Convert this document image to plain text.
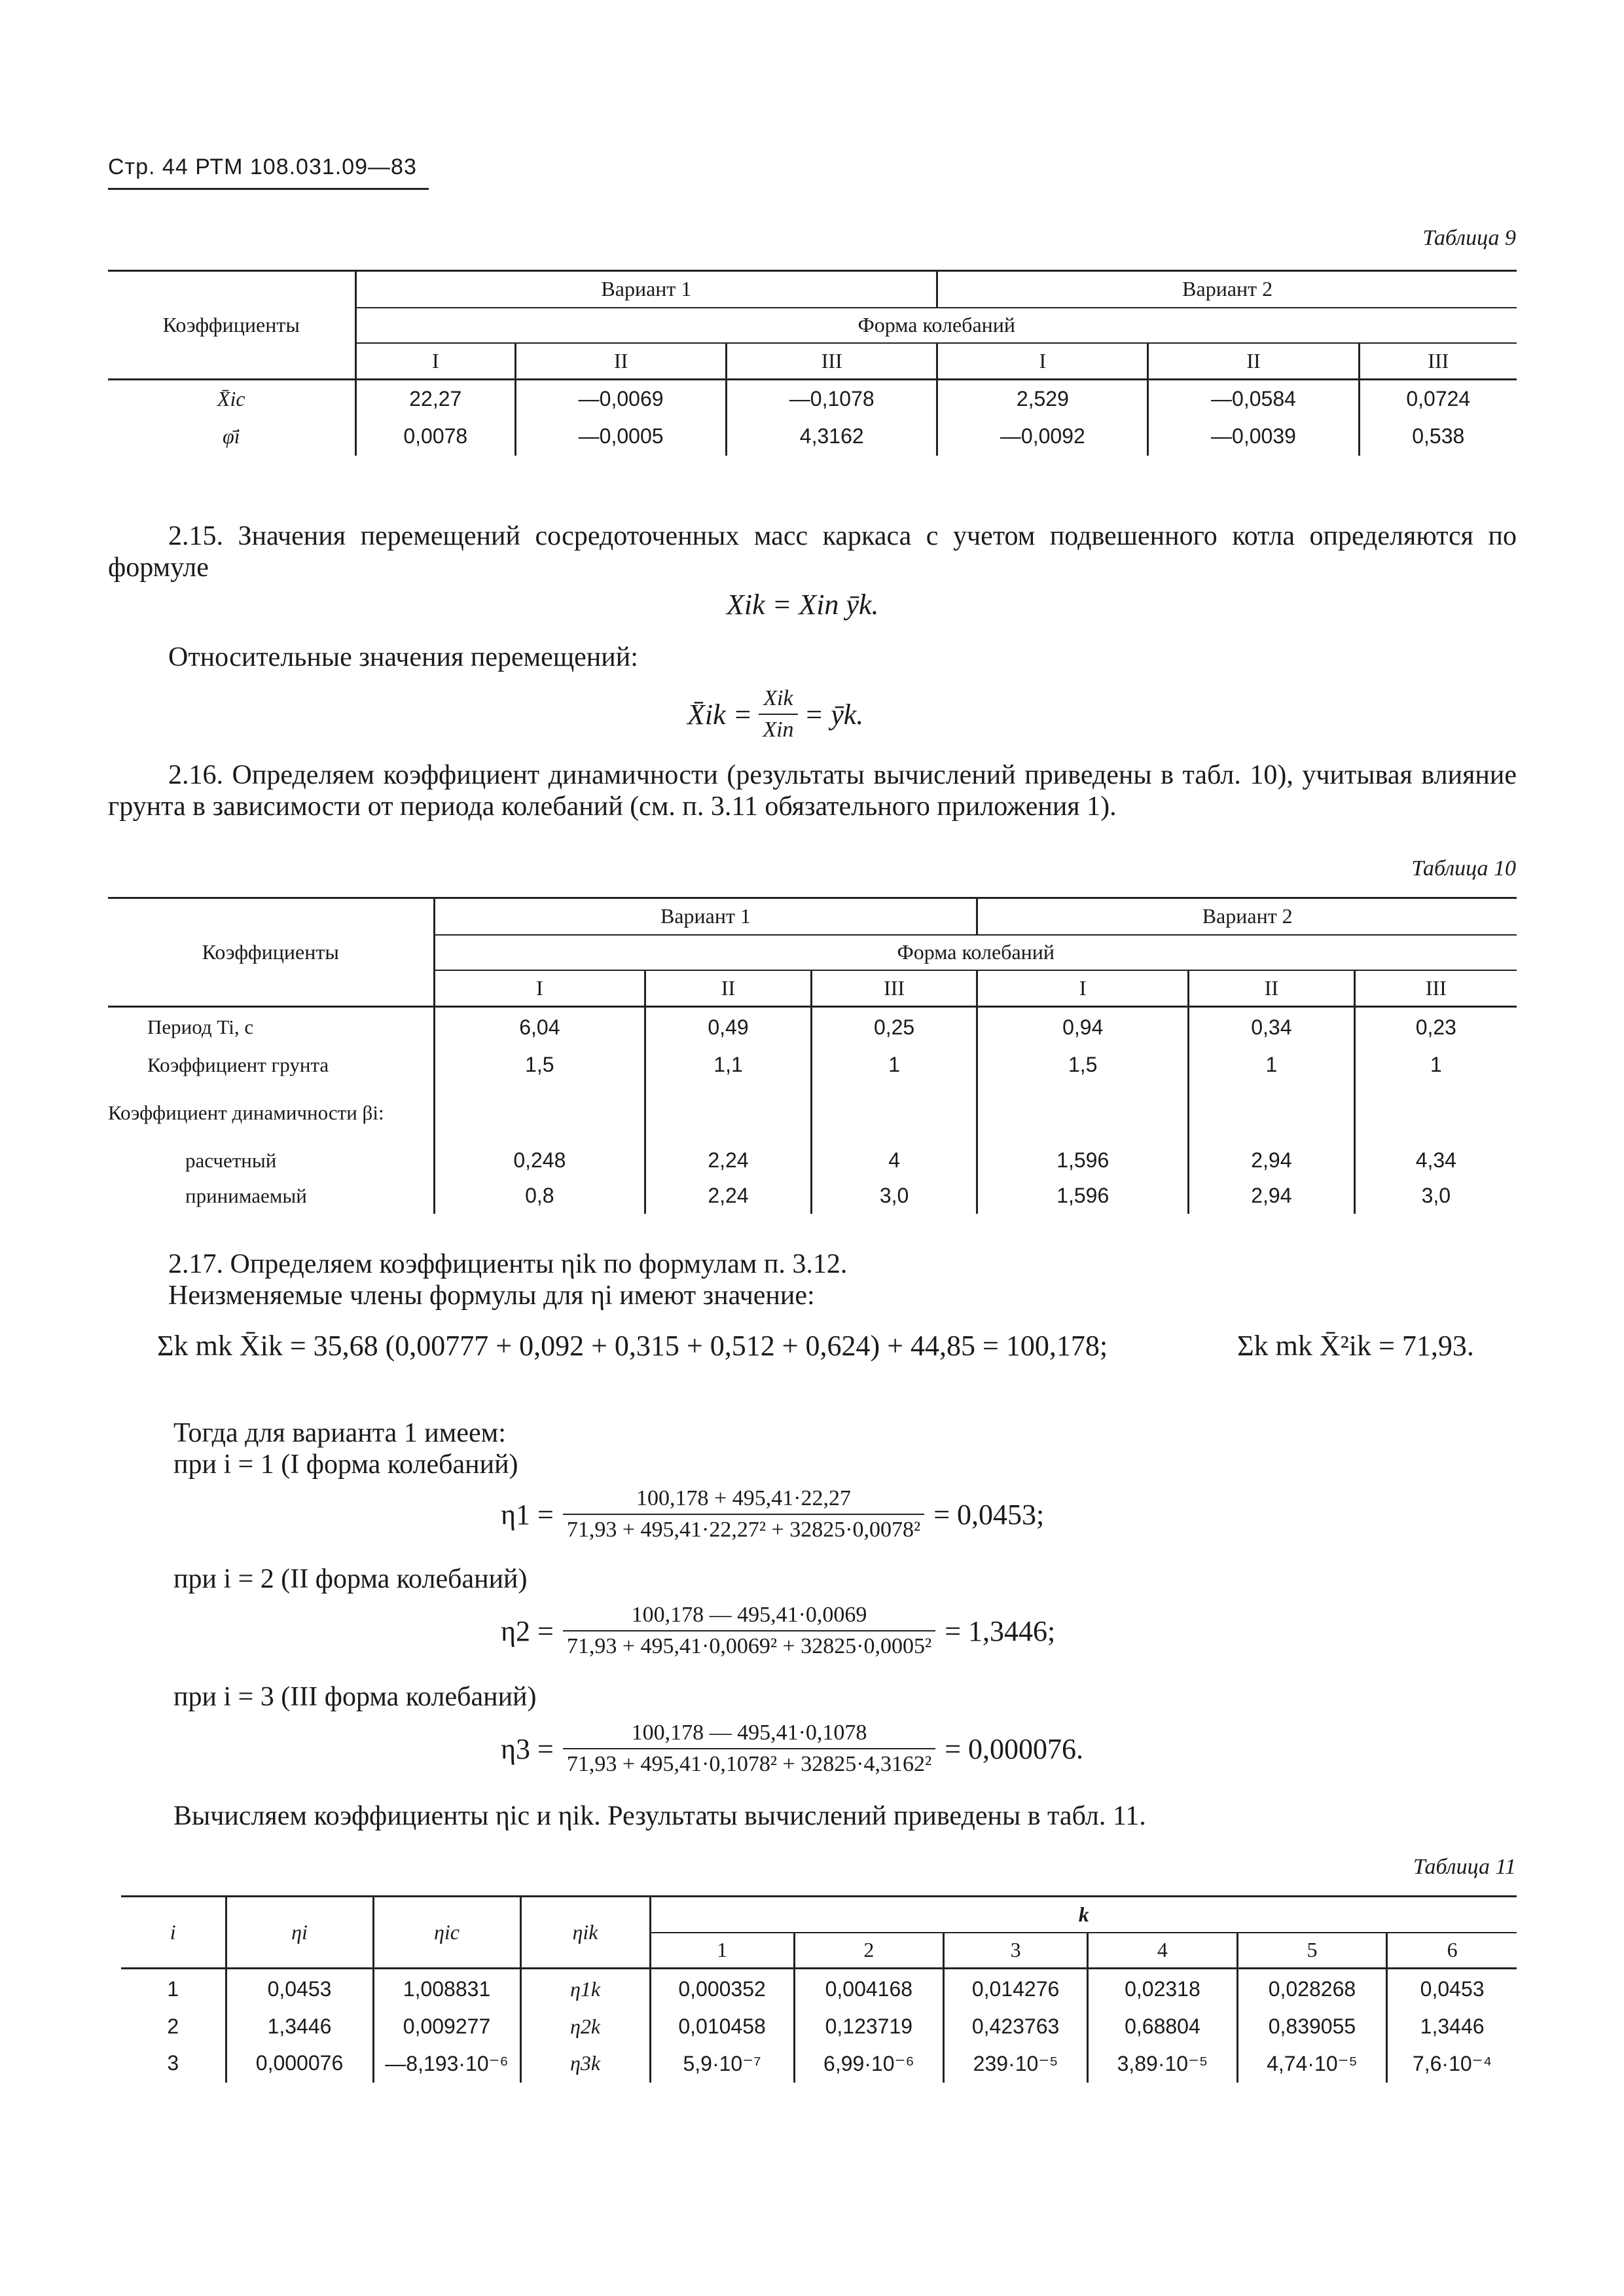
Стр. 44 РТМ 108.031.09—83
Таблица 9
Коэффициенты	Вариант 1			Вариант 2		
	Форма колебаний					
	I	II	III	I	II	III
X̄ic	22,27	—0,0069	—0,1078	2,529	—0,0584	0,0724
φ̄i	0,0078	—0,0005	4,3162	—0,0092	—0,0039	0,538
2.15. Значения перемещений сосредоточенных масс каркаса с учетом подвешенного котла определяются по формуле
Xik = Xin ȳk.
Относительные значения перемещений:
X̄ik = $\frac{\text{Xik}}{\text{Xin}}$ = ȳk.
2.16. Определяем коэффициент динамичности (результаты вычислений приведены в табл. 10), учитывая влияние грунта в зависимости от периода колебаний (см. п. 3.11 обязательного приложения 1).
Таблица 10
Коэффициенты	Вариант 1			Вариант 2		
	Форма колебаний					
	I	II	III	I	II	III
Период Ti, с	6,04	0,49	0,25	0,94	0,34	0,23
Коэффициент грунта	1,5	1,1	1	1,5	1	1
Коэффициент динамичности βi:						
расчетный	0,248	2,24	4	1,596	2,94	4,34
принимаемый	0,8	2,24	3,0	1,596	2,94	3,0
2.17. Определяем коэффициенты ηik по формулам п. 3.12.
Неизменяемые члены формулы для ηi имеют значение:
Σk mk X̄ik = 35,68 (0,00777 + 0,092 + 0,315 + 0,512 + 0,624) + 44,85 = 100,178;	Σk mk X̄²ik = 71,93.
Тогда для варианта 1 имеем:
при i = 1 (I форма колебаний)
$\eta 1 = \frac{100,178 + 495,41\cdot 22,27}{\text{71,93 + 495,41·22,27² + 32825·0,0078²}} = 0,0453$;
при i = 2 (II форма колебаний)
$\eta 2 = \frac{100,178 — 495,41\cdot 0,0069}{\text{71,93 + 495,41·0,0069² + 32825·0,0005²}} = 1,3446$;
при i = 3 (III форма колебаний)
$\eta 3 = \frac{100,178 — 495,41\cdot 0,1078}{\text{71,93 + 495,41·0,1078² + 32825·4,3162²}} = 0,000076$.
Вычисляем коэффициенты ηic и ηik. Результаты вычислений приведены в табл. 11.
Таблица 11
i	ηi	ηic	ηik	k					
				1	2	3	4	5	6
1	0,0453	1,008831	η1k	0,000352	0,004168	0,014276	0,02318	0,028268	0,0453
2	1,3446	0,009277	η2k	0,010458	0,123719	0,423763	0,68804	0,839055	1,3446
3	0,000076	—8,193·10⁻⁶	η3k	5,9·10⁻⁷	6,99·10⁻⁶	239·10⁻⁵	3,89·10⁻⁵	4,74·10⁻⁵	7,6·10⁻⁴
